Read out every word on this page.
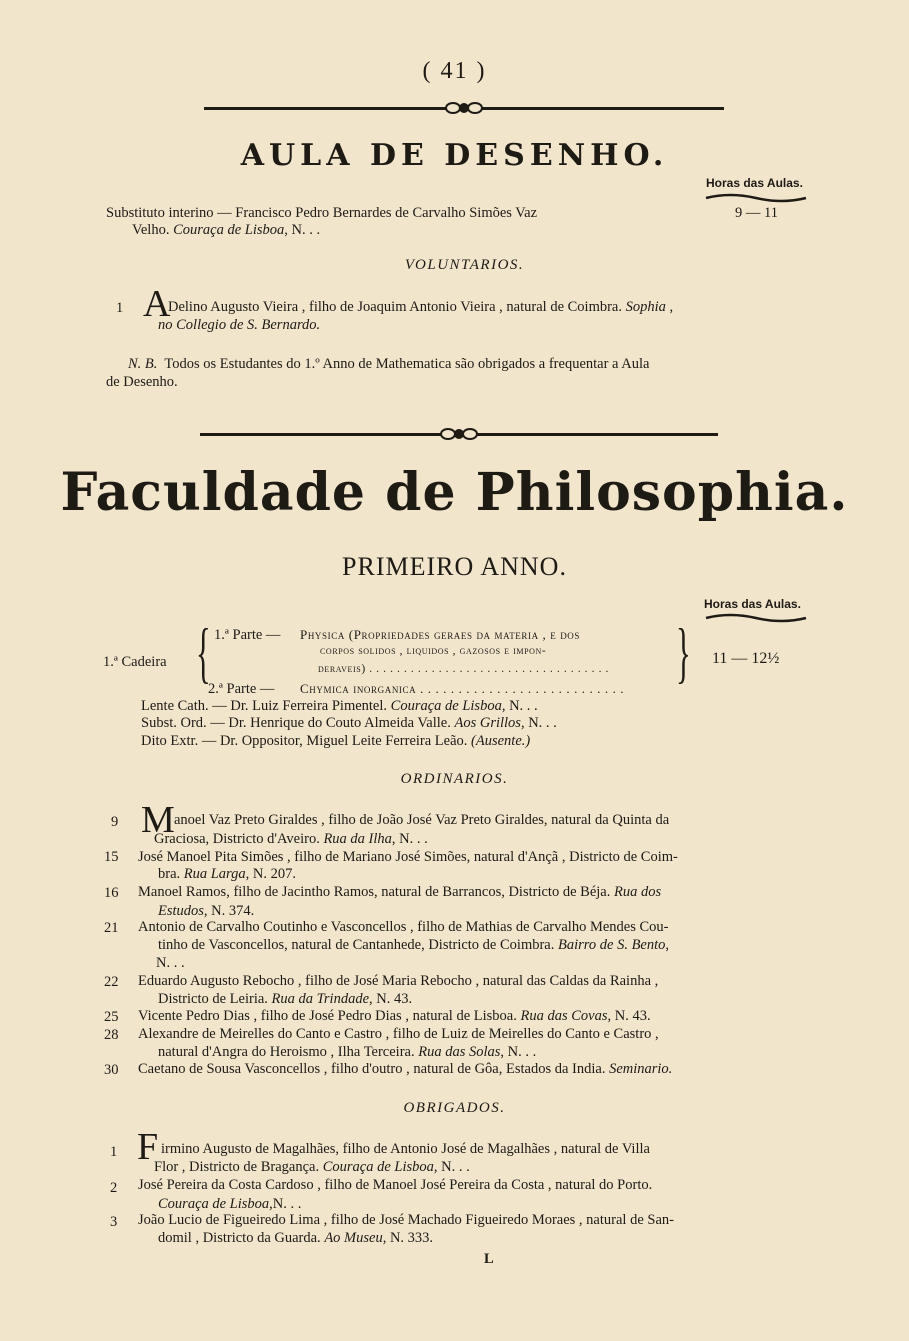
( 41 )
AULA DE DESENHO.
Horas das Aulas.
9 — 11
Substituto interino — Francisco Pedro Bernardes de Carvalho Simões Vaz
Velho. Couraça de Lisboa, N. . .
VOLUNTARIOS.
1 A
Delino Augusto Vieira , filho de Joaquim Antonio Vieira , natural de Coimbra. Sophia ,
no Collegio de S. Bernardo.
N. B. Todos os Estudantes do 1.º Anno de Mathematica são obrigados a frequentar a Aula
de Desenho.
Faculdade de Philosophia.
PRIMEIRO ANNO.
Horas das Aulas.
1.ª Cadeira { 1.ª Parte — Physica (Propriedades geraes da materia , e dos
corpos solidos , liquidos , gazosos e impon-
deraveis) . . . . . . . . . . . . . . . . . . . . . . . . . . . . . . . . . . .
2.ª Parte — Chymica inorganica . . . . . . . . . . . . . . . . . . . . . . . . . . . } 11 — 12½
Lente Cath. — Dr. Luiz Ferreira Pimentel. Couraça de Lisboa, N. . .
Subst. Ord. — Dr. Henrique do Couto Almeida Valle. Aos Grillos, N. . .
Dito Extr. — Dr. Oppositor, Miguel Leite Ferreira Leão. (Ausente.)
ORDINARIOS.
9 M anoel Vaz Preto Giraldes , filho de João José Vaz Preto Giraldes, natural da Quinta da
Graciosa, Districto d'Aveiro. Rua da Ilha, N. . .
15 José Manoel Pita Simões , filho de Mariano José Simões, natural d'Ançã , Districto de Coim-
bra. Rua Larga, N. 207.
16 Manoel Ramos, filho de Jacintho Ramos, natural de Barrancos, Districto de Béja. Rua dos
Estudos, N. 374.
21 Antonio de Carvalho Coutinho e Vasconcellos , filho de Mathias de Carvalho Mendes Cou-
tinho de Vasconcellos, natural de Cantanhede, Districto de Coimbra. Bairro de S. Bento,
N. . .
22 Eduardo Augusto Rebocho , filho de José Maria Rebocho , natural das Caldas da Rainha ,
Districto de Leiria. Rua da Trindade, N. 43.
25 Vicente Pedro Dias , filho de José Pedro Dias , natural de Lisboa. Rua das Covas, N. 43.
28 Alexandre de Meirelles do Canto e Castro , filho de Luiz de Meirelles do Canto e Castro ,
natural d'Angra do Heroismo , Ilha Terceira. Rua das Solas, N. . .
30 Caetano de Sousa Vasconcellos , filho d'outro , natural de Gôa, Estados da India. Seminario.
OBRIGADOS.
1 F irmino Augusto de Magalhães, filho de Antonio José de Magalhães , natural de Villa
Flor , Districto de Bragança. Couraça de Lisboa, N. . .
2 José Pereira da Costa Cardoso , filho de Manoel José Pereira da Costa , natural do Porto.
Couraça de Lisboa,N. . .
3 João Lucio de Figueiredo Lima , filho de José Machado Figueiredo Moraes , natural de San-
domil , Districto da Guarda. Ao Museu, N. 333.
L
